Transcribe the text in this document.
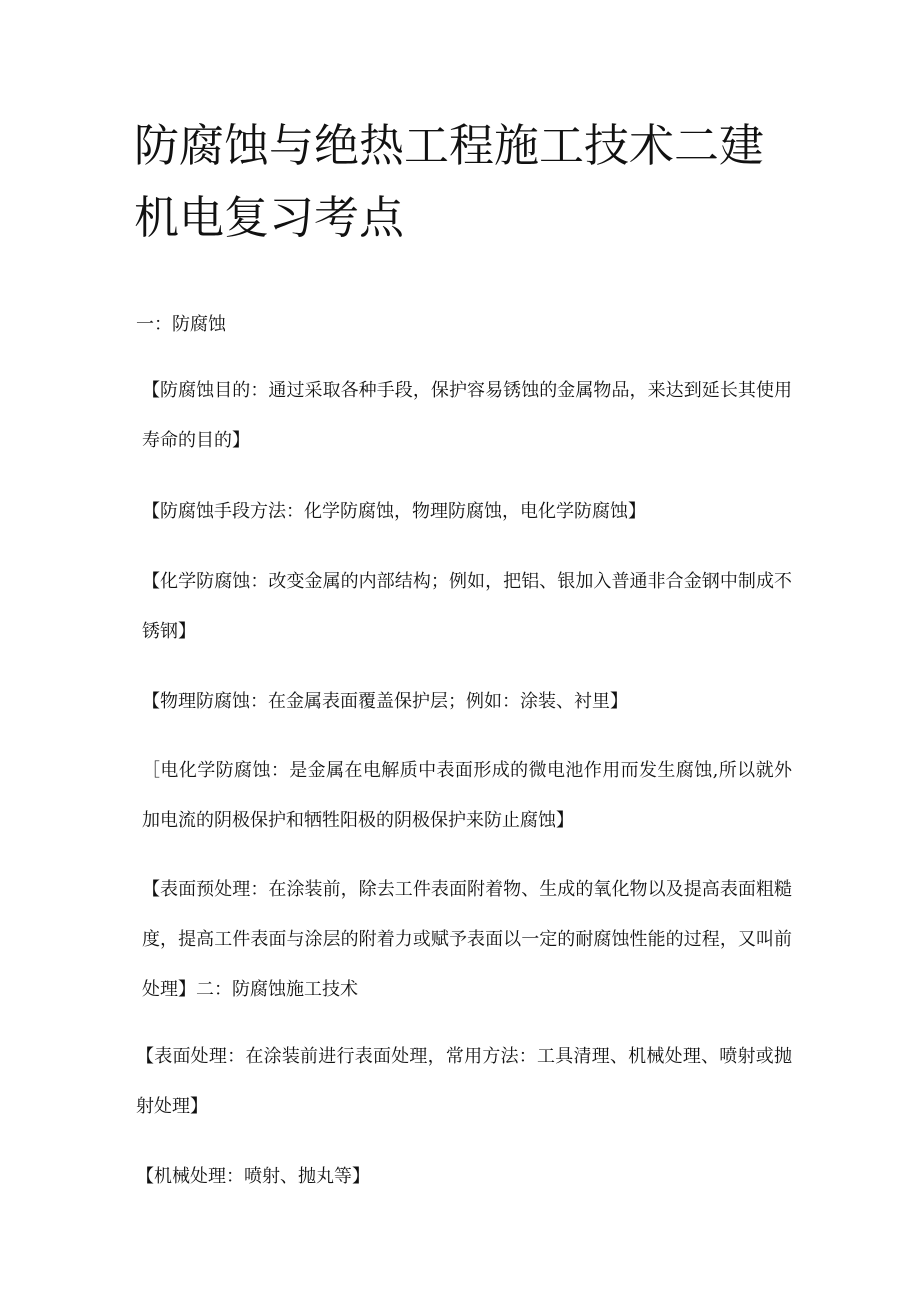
防腐蚀与绝热工程施工技术二建机电复习考点

一：防腐蚀

【防腐蚀目的：通过采取各种手段，保护容易锈蚀的金属物品，来达到延长其使用寿命的目的】

【防腐蚀手段方法：化学防腐蚀，物理防腐蚀，电化学防腐蚀】

【化学防腐蚀：改变金属的内部结构；例如，把铝、银加入普通非合金钢中制成不锈钢】

【物理防腐蚀：在金属表面覆盖保护层；例如：涂装、衬里】

［电化学防腐蚀：是金属在电解质中表面形成的微电池作用而发生腐蚀,所以就外加电流的阴极保护和牺牲阳极的阴极保护来防止腐蚀】

【表面预处理：在涂装前，除去工件表面附着物、生成的氧化物以及提高表面粗糙度，提高工件表面与涂层的附着力或赋予表面以一定的耐腐蚀性能的过程，又叫前处理】二：防腐蚀施工技术

【表面处理：在涂装前进行表面处理，常用方法：工具清理、机械处理、喷射或抛射处理】

【机械处理：喷射、抛丸等】
